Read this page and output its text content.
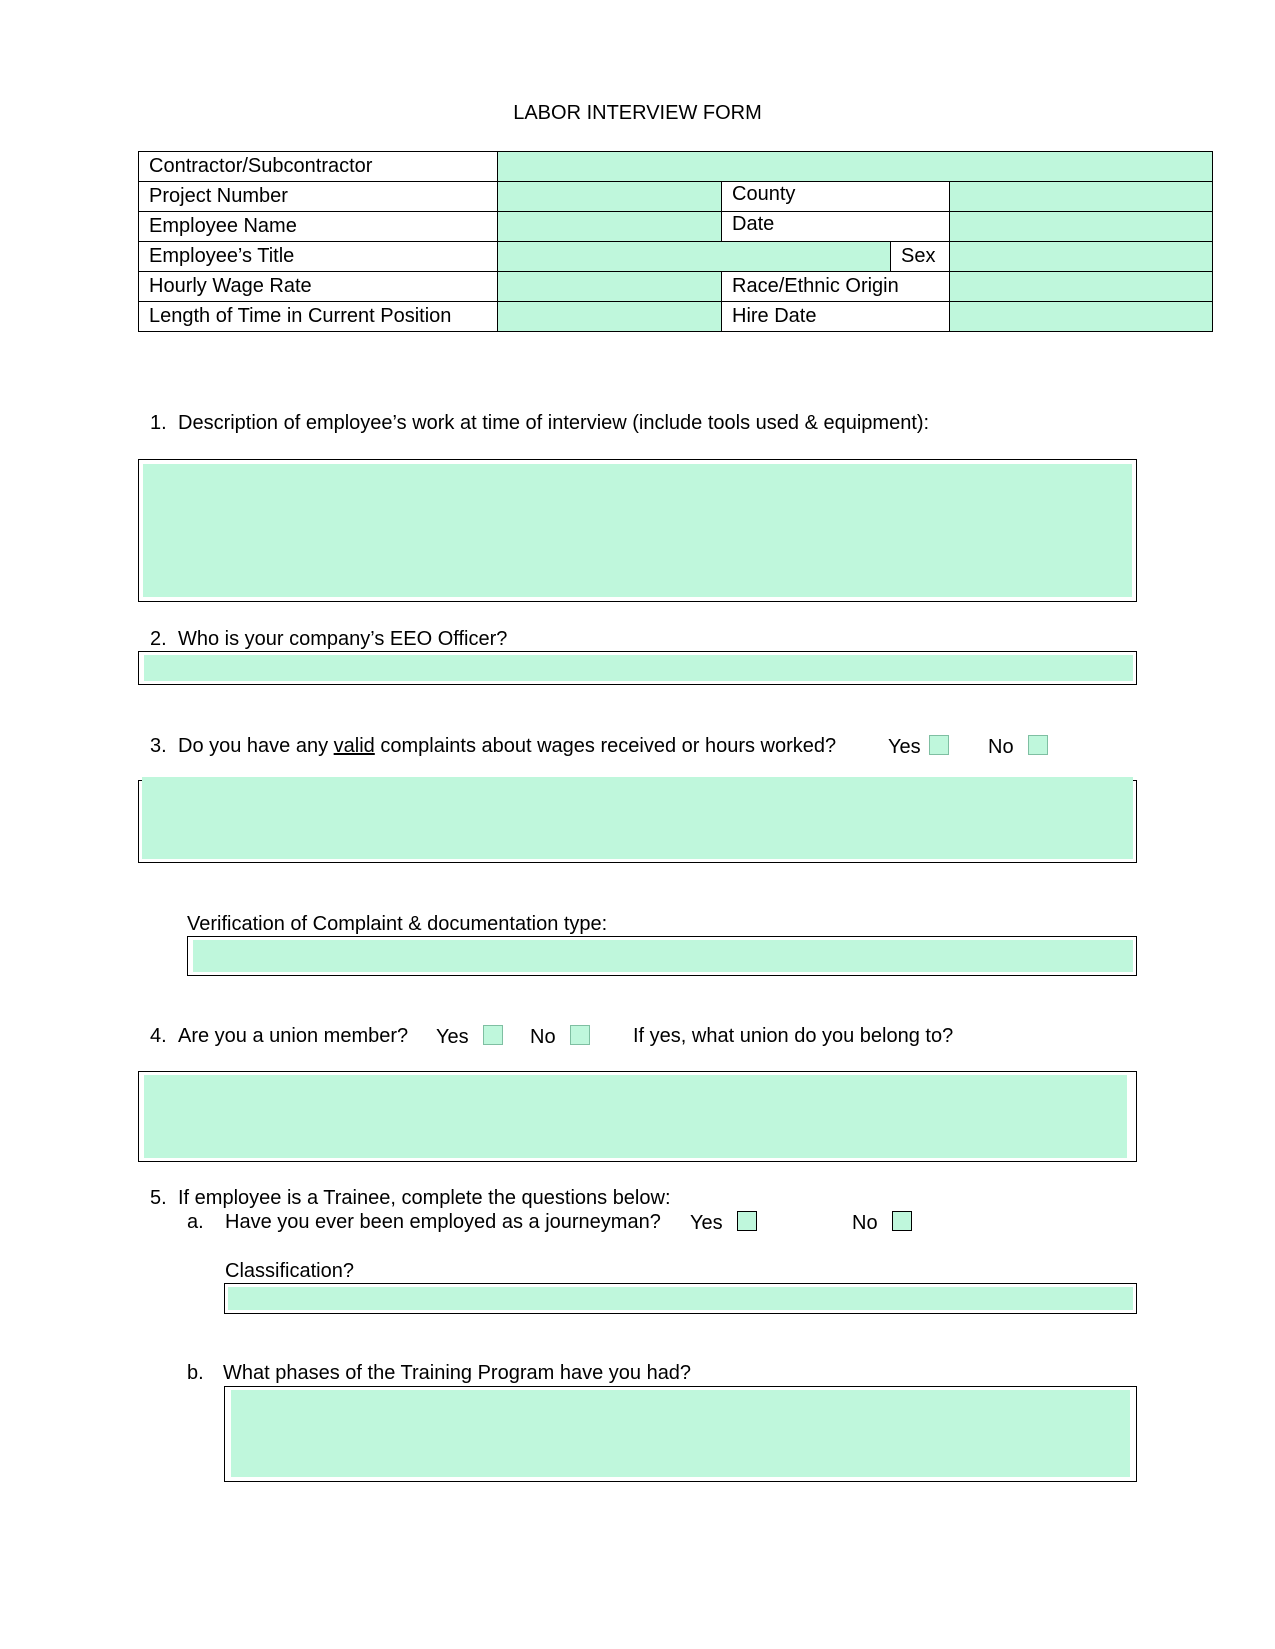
LABOR INTERVIEW FORM
Contractor/Subcontractor				
Project Number		County		
Employee Name		Date		
Employee’s Title			Sex	
Hourly Wage Rate		Race/Ethnic Origin		
Length of Time in Current Position		Hire Date		
1. Description of employee’s work at time of interview (include tools used & equipment):
2. Who is your company’s EEO Officer?
3. Do you have any valid complaints about wages received or hours worked?	Yes	No
Verification of Complaint & documentation type:
4. Are you a union member? Yes	No	If yes, what union do you belong to?
5. If employee is a Trainee, complete the questions below:
a. Have you ever been employed as a journeyman? Yes	No
Classification?
b. What phases of the Training Program have you had?
